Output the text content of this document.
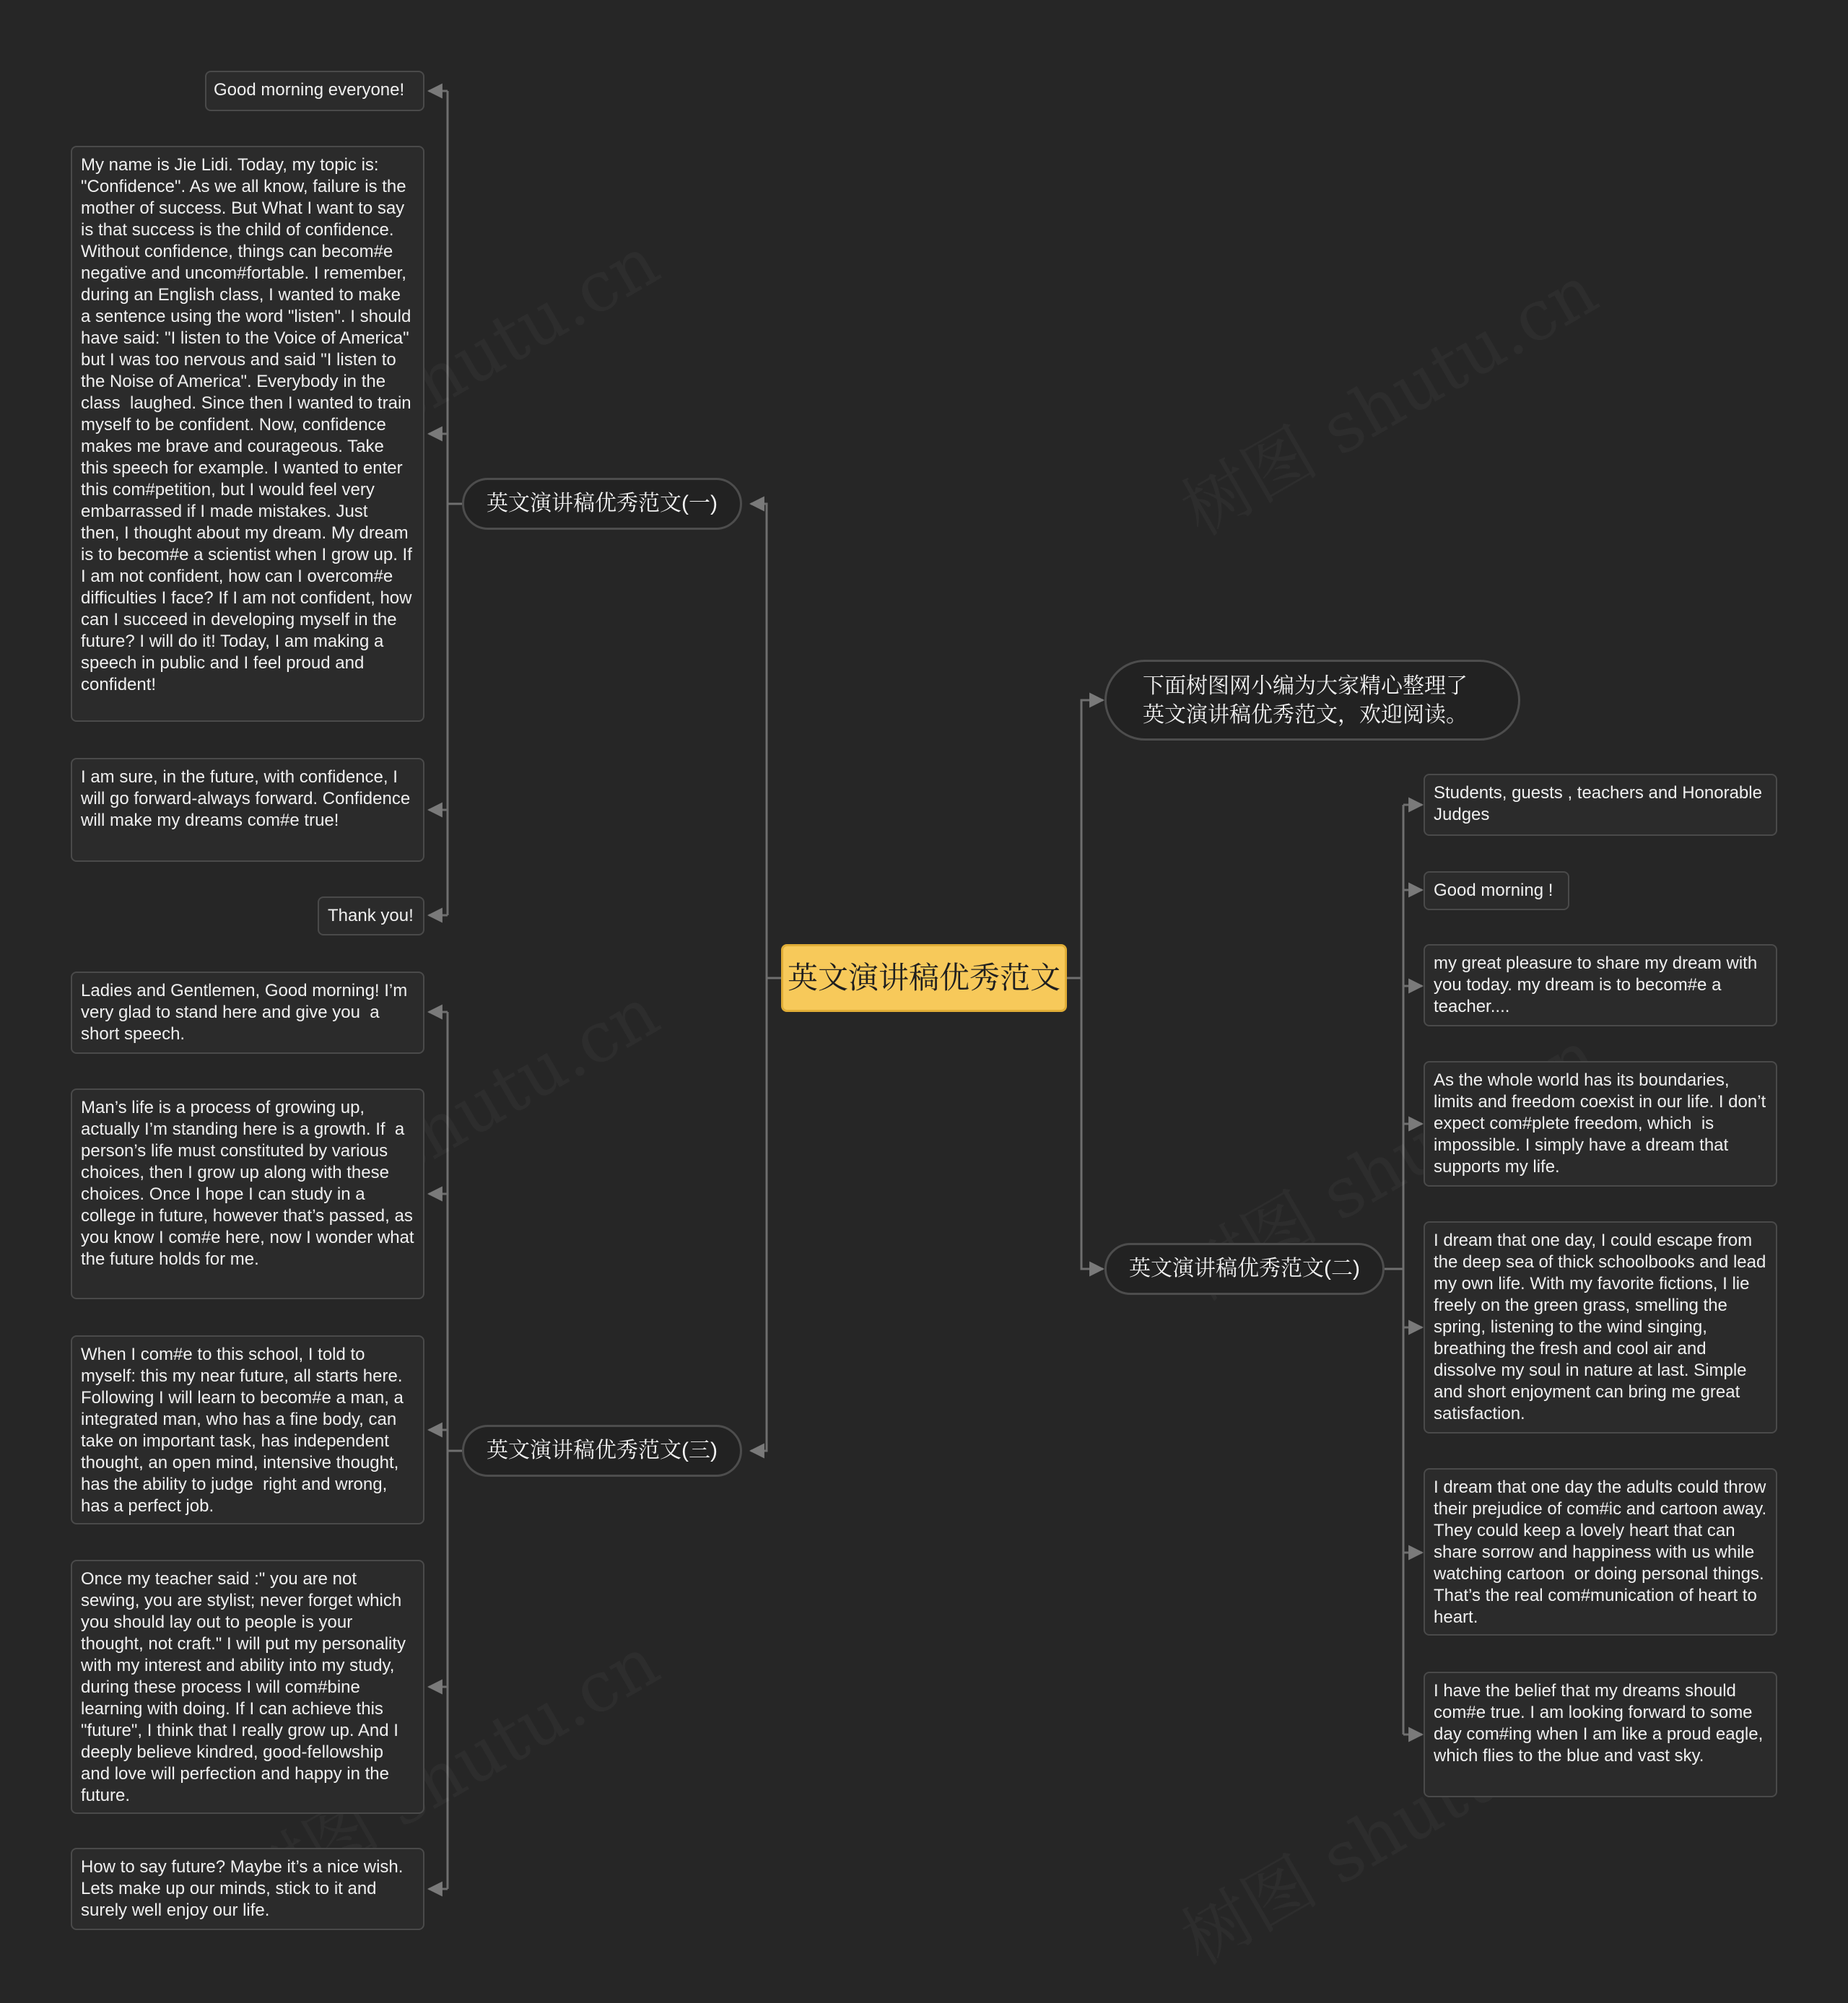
英文演讲稿优秀范文
下面树图网小编为大家精心整理了
英文演讲稿优秀范文，欢迎阅读。
英文演讲稿优秀范文(一)
英文演讲稿优秀范文(二)
英文演讲稿优秀范文(三)
Good morning everyone!
My name is Jie Lidi. Today, my topic is: "Confidence". As we all know, failure is the mother of success. But What I want to say is that success is the child of confidence. Without confidence, things can becom#e negative and uncom#fortable. I remember, during an English class, I wanted to make a sentence using the word "listen". I should have said: "I listen to the Voice of America" but I was too nervous and said "I listen to the Noise of America". Everybody in the class  laughed. Since then I wanted to train myself to be confident. Now, confidence makes me brave and courageous. Take this speech for example. I wanted to enter this com#petition, but I would feel very embarrassed if I made mistakes. Just  then, I thought about my dream. My dream is to becom#e a scientist when I grow up. If I am not confident, how can I overcom#e difficulties I face? If I am not confident, how can I succeed in developing myself in the future? I will do it! Today, I am making a speech in public and I feel proud and confident!
I am sure, in the future, with confidence, I  will go forward-always forward. Confidence will make my dreams com#e true!
Thank you!
Ladies and Gentlemen, Good morning! I’m very glad to stand here and give you  a short speech.
Man’s life is a process of growing up, actually I’m standing here is a growth. If  a person’s life must constituted by various choices, then I grow up along with these choices. Once I hope I can study in a college in future, however that’s passed, as you know I com#e here, now I wonder what the future holds for me.
When I com#e to this school, I told to myself: this my near future, all starts here.  Following I will learn to becom#e a man, a integrated man, who has a fine body, can take on important task, has independent thought, an open mind, intensive thought, has the ability to judge  right and wrong, has a perfect job.
Once my teacher said :" you are not sewing, you are stylist; never forget which you should lay out to people is your thought, not craft." I will put my personality with my interest and ability into my study, during these process I will com#bine learning with doing. If I can achieve this "future", I think that I really grow up. And I deeply believe kindred, good-fellowship and love will perfection and happy in the future.
How to say future? Maybe it’s a nice wish. Lets make up our minds, stick to it and surely well enjoy our life.
Students, guests , teachers and Honorable Judges
Good morning !
my great pleasure to share my dream with you today. my dream is to becom#e a teacher....
As the whole world has its boundaries, limits and freedom coexist in our life. I don’t expect com#plete freedom, which  is impossible. I simply have a dream that supports my life.
I dream that one day, I could escape from  the deep sea of thick schoolbooks and lead my own life. With my favorite fictions, I lie freely on the green grass, smelling the spring, listening to the wind singing, breathing the fresh and cool air and dissolve my soul in nature at last. Simple and short enjoyment can bring me great satisfaction.
I dream that one day the adults could throw their prejudice of com#ic and cartoon away. They could keep a lovely heart that can share sorrow and happiness with us while watching cartoon  or doing personal things. That’s the real com#munication of heart to heart.
I have the belief that my dreams should com#e true. I am looking forward to some day com#ing when I am like a proud eagle, which flies to the blue and vast sky.
